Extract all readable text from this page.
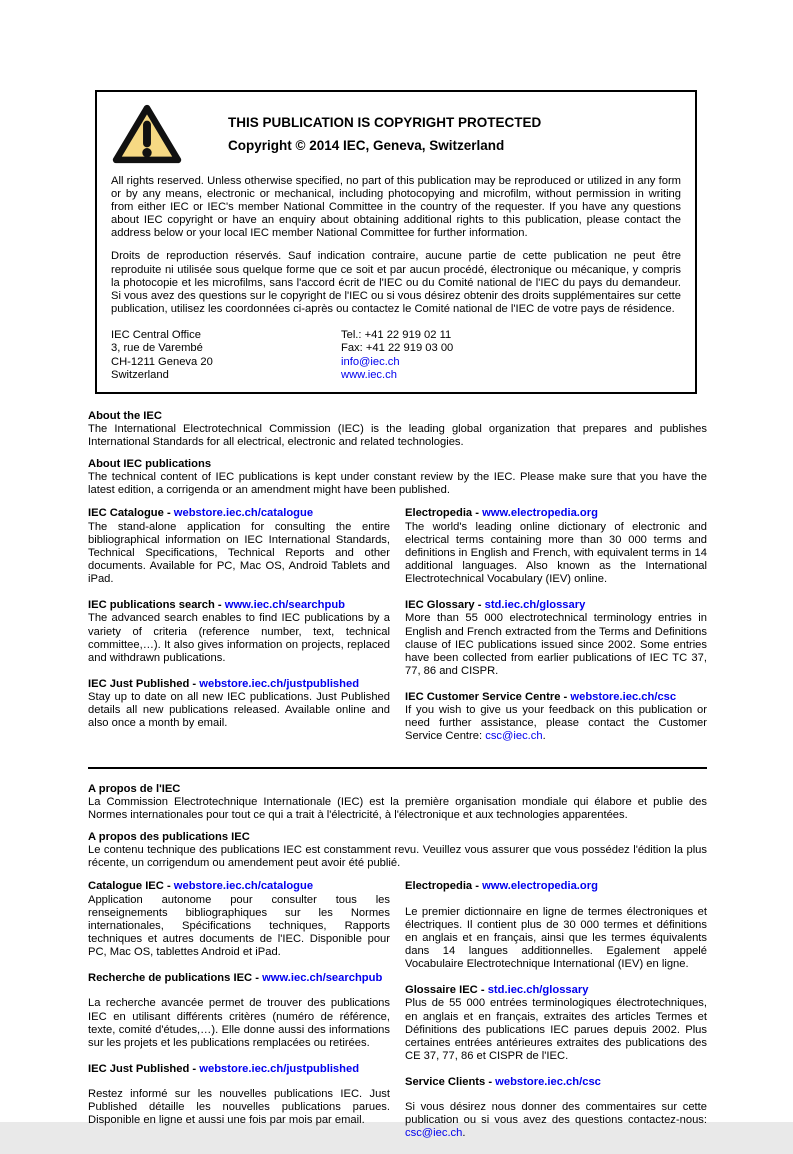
THIS PUBLICATION IS COPYRIGHT PROTECTED
Copyright © 2014 IEC, Geneva, Switzerland

All rights reserved. Unless otherwise specified, no part of this publication may be reproduced or utilized in any form or by any means, electronic or mechanical, including photocopying and microfilm, without permission in writing from either IEC or IEC's member National Committee in the country of the requester. If you have any questions about IEC copyright or have an enquiry about obtaining additional rights to this publication, please contact the address below or your local IEC member National Committee for further information.

Droits de reproduction réservés. Sauf indication contraire, aucune partie de cette publication ne peut être reproduite ni utilisée sous quelque forme que ce soit et par aucun procédé, électronique ou mécanique, y compris la photocopie et les microfilms, sans l'accord écrit de l'IEC ou du Comité national de l'IEC du pays du demandeur. Si vous avez des questions sur le copyright de l'IEC ou si vous désirez obtenir des droits supplémentaires sur cette publication, utilisez les coordonnées ci-après ou contactez le Comité national de l'IEC de votre pays de résidence.

IEC Central Office
3, rue de Varembé
CH-1211 Geneva 20
Switzerland
Tel.: +41 22 919 02 11
Fax: +41 22 919 03 00
info@iec.ch
www.iec.ch
About the IEC

The International Electrotechnical Commission (IEC) is the leading global organization that prepares and publishes International Standards for all electrical, electronic and related technologies.

About IEC publications

The technical content of IEC publications is kept under constant review by the IEC. Please make sure that you have the latest edition, a corrigenda or an amendment might have been published.

IEC Catalogue - webstore.iec.ch/catalogue

The stand-alone application for consulting the entire bibliographical information on IEC International Standards, Technical Specifications, Technical Reports and other documents. Available for PC, Mac OS, Android Tablets and iPad.

IEC publications search - www.iec.ch/searchpub

The advanced search enables to find IEC publications by a variety of criteria (reference number, text, technical committee,…). It also gives information on projects, replaced and withdrawn publications.

IEC Just Published - webstore.iec.ch/justpublished

Stay up to date on all new IEC publications. Just Published details all new publications released. Available online and also once a month by email.

Electropedia - www.electropedia.org

The world's leading online dictionary of electronic and electrical terms containing more than 30 000 terms and definitions in English and French, with equivalent terms in 14 additional languages. Also known as the International Electrotechnical Vocabulary (IEV) online.

IEC Glossary - std.iec.ch/glossary

More than 55 000 electrotechnical terminology entries in English and French extracted from the Terms and Definitions clause of IEC publications issued since 2002. Some entries have been collected from earlier publications of IEC TC 37, 77, 86 and CISPR.

IEC Customer Service Centre - webstore.iec.ch/csc

If you wish to give us your feedback on this publication or need further assistance, please contact the Customer Service Centre: csc@iec.ch.

A propos de l'IEC

La Commission Electrotechnique Internationale (IEC) est la première organisation mondiale qui élabore et publie des Normes internationales pour tout ce qui a trait à l'électricité, à l'électronique et aux technologies apparentées.

A propos des publications IEC

Le contenu technique des publications IEC est constamment revu. Veuillez vous assurer que vous possédez l'édition la plus récente, un corrigendum ou amendement peut avoir été publié.

Catalogue IEC - webstore.iec.ch/catalogue

Application autonome pour consulter tous les renseignements bibliographiques sur les Normes internationales, Spécifications techniques, Rapports techniques et autres documents de l'IEC. Disponible pour PC, Mac OS, tablettes Android et iPad.

Recherche de publications IEC - www.iec.ch/searchpub

La recherche avancée permet de trouver des publications IEC en utilisant différents critères (numéro de référence, texte, comité d'études,…). Elle donne aussi des informations sur les projets et les publications remplacées ou retirées.

IEC Just Published - webstore.iec.ch/justpublished

Restez informé sur les nouvelles publications IEC. Just Published détaille les nouvelles publications parues. Disponible en ligne et aussi une fois par mois par email.

Electropedia - www.electropedia.org

Le premier dictionnaire en ligne de termes électroniques et électriques. Il contient plus de 30 000 termes et définitions en anglais et en français, ainsi que les termes équivalents dans 14 langues additionnelles. Egalement appelé Vocabulaire Electrotechnique International (IEV) en ligne.

Glossaire IEC - std.iec.ch/glossary

Plus de 55 000 entrées terminologiques électrotechniques, en anglais et en français, extraites des articles Termes et Définitions des publications IEC parues depuis 2002. Plus certaines entrées antérieures extraites des publications des CE 37, 77, 86 et CISPR de l'IEC.

Service Clients - webstore.iec.ch/csc

Si vous désirez nous donner des commentaires sur cette publication ou si vous avez des questions contactez-nous: csc@iec.ch.
